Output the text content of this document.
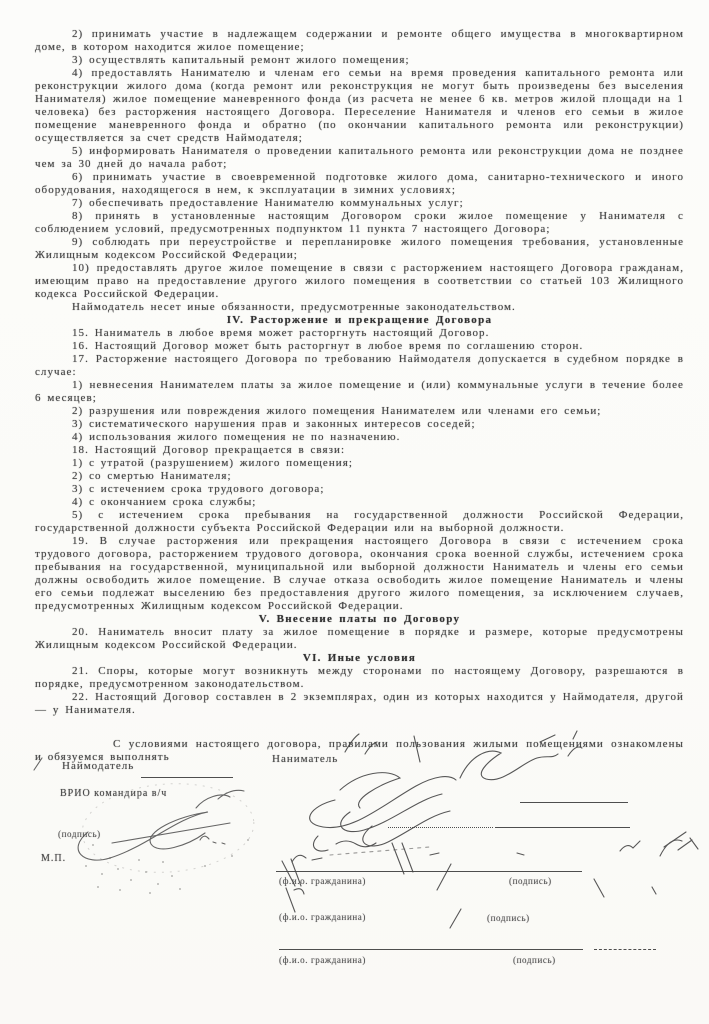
2) принимать участие в надлежащем содержании и ремонте общего имущества в многоквартирном доме, в котором находится жилое помещение;

3) осуществлять капитальный ремонт жилого помещения;

4) предоставлять Нанимателю и членам его семьи на время проведения капитального ремонта или реконструкции жилого дома (когда ремонт или реконструкция не могут быть произведены без выселения Нанимателя) жилое помещение маневренного фонда (из расчета не менее 6 кв. метров жилой площади на 1 человека) без расторжения настоящего Договора. Переселение Нанимателя и членов его семьи в жилое помещение маневренного фонда и обратно (по окончании капитального ремонта или реконструкции) осуществляется за счет средств Наймодателя;

5) информировать Нанимателя о проведении капитального ремонта или реконструкции дома не позднее чем за 30 дней до начала работ;

6) принимать участие в своевременной подготовке жилого дома, санитарно-технического и иного оборудования, находящегося в нем, к эксплуатации в зимних условиях;

7) обеспечивать предоставление Нанимателю коммунальных услуг;

8) принять в установленные настоящим Договором сроки жилое помещение у Нанимателя с соблюдением условий, предусмотренных подпунктом 11 пункта 7 настоящего Договора;

9) соблюдать при переустройстве и перепланировке жилого помещения требования, установленные Жилищным кодексом Российской Федерации;

10) предоставлять другое жилое помещение в связи с расторжением настоящего Договора гражданам, имеющим право на предоставление другого жилого помещения в соответствии со статьей 103 Жилищного кодекса Российской Федерации.

Наймодатель несет иные обязанности, предусмотренные законодательством.

IV. Расторжение и прекращение Договора

15. Наниматель в любое время может расторгнуть настоящий Договор.

16. Настоящий Договор может быть расторгнут в любое время по соглашению сторон.

17. Расторжение настоящего Договора по требованию Наймодателя допускается в судебном порядке в случае:

1) невнесения Нанимателем платы за жилое помещение и (или) коммунальные услуги в течение более 6 месяцев;

2) разрушения или повреждения жилого помещения Нанимателем или членами его семьи;

3) систематического нарушения прав и законных интересов соседей;

4) использования жилого помещения не по назначению.

18. Настоящий Договор прекращается в связи:

1) с утратой (разрушением) жилого помещения;

2) со смертью Нанимателя;

3) с истечением срока трудового договора;

4) с окончанием срока службы;

5) с истечением срока пребывания на государственной должности Российской Федерации, государственной должности субъекта Российской Федерации или на выборной должности.

19. В случае расторжения или прекращения настоящего Договора в связи с истечением срока трудового договора, расторжением трудового договора, окончания срока военной службы, истечением срока пребывания на государственной, муниципальной или выборной должности Наниматель и члены его семьи должны освободить жилое помещение. В случае отказа освободить жилое помещение Наниматель и члены его семьи подлежат выселению без предоставления другого жилого помещения, за исключением случаев, предусмотренных Жилищным кодексом Российской Федерации.

V. Внесение платы по Договору

20. Наниматель вносит плату за жилое помещение в порядке и размере, которые предусмотрены Жилищным кодексом Российской Федерации.

VI. Иные условия

21. Споры, которые могут возникнуть между сторонами по настоящему Договору, разрешаются в порядке, предусмотренном законодательством.

22. Настоящий Договор составлен в 2 экземплярах, один из которых находится у Наймодателя, другой — у Нанимателя.

С условиями настоящего договора, правилами пользования жилыми помещениями ознакомлены и обязуемся выполнять

Наймодатель

ВРИО командира в/ч

(подпись)

М.П.

Наниматель

(ф.и.о. гражданина)	(подпись)

(ф.и.о. гражданина)	(подпись)

(ф.и.о. гражданина)	(подпись)
